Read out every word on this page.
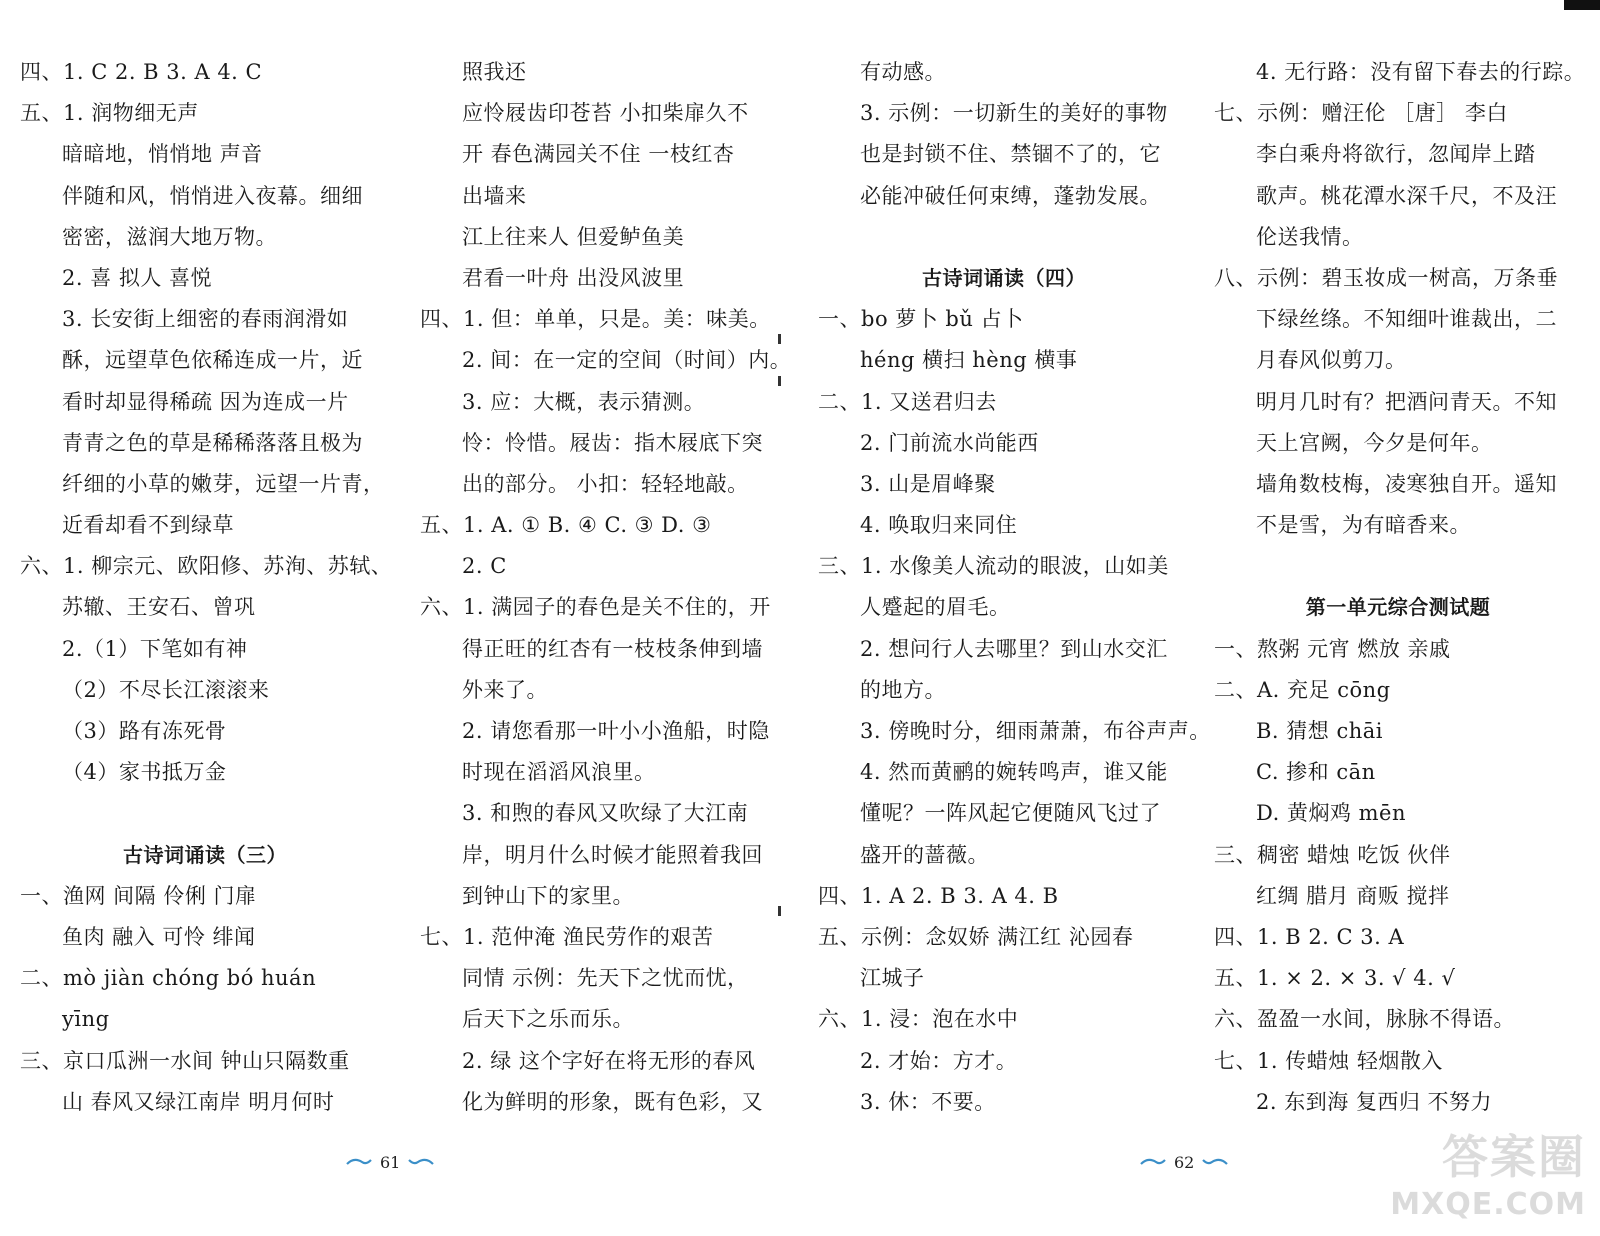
四、1. C 2. B 3. A 4. C
五、1. 润物细无声
暗暗地，悄悄地 声音
伴随和风，悄悄进入夜幕。细细
密密，滋润大地万物。
2. 喜 拟人 喜悦
3. 长安街上细密的春雨润滑如
酥，远望草色依稀连成一片，近
看时却显得稀疏 因为连成一片
青青之色的草是稀稀落落且极为
纤细的小草的嫩芽，远望一片青，
近看却看不到绿草
六、1. 柳宗元、欧阳修、苏洵、苏轼、
苏辙、王安石、曾巩
2.（1）下笔如有神
（2）不尽长江滚滚来
（3）路有冻死骨
（4）家书抵万金
古诗词诵读（三）
一、渔网 间隔 伶俐 门扉
鱼肉 融入 可怜 绯闻
二、mò jiàn chóng bó huán
yīng
三、京口瓜洲一水间 钟山只隔数重
山 春风又绿江南岸 明月何时
照我还
应怜屐齿印苍苔 小扣柴扉久不
开 春色满园关不住 一枝红杏
出墙来
江上往来人 但爱鲈鱼美
君看一叶舟 出没风波里
四、1. 但：单单，只是。美：味美。
2. 间：在一定的空间（时间）内。
3. 应：大概，表示猜测。
怜：怜惜。屐齿：指木屐底下突
出的部分。 小扣：轻轻地敲。
五、1. A. ① B. ④ C. ③ D. ③
2. C
六、1. 满园子的春色是关不住的，开
得正旺的红杏有一枝枝条伸到墙
外来了。
2. 请您看那一叶小小渔船，时隐
时现在滔滔风浪里。
3. 和煦的春风又吹绿了大江南
岸，明月什么时候才能照着我回
到钟山下的家里。
七、1. 范仲淹 渔民劳作的艰苦
同情 示例：先天下之忧而忧，
后天下之乐而乐。
2. 绿 这个字好在将无形的春风
化为鲜明的形象，既有色彩，又
有动感。
3. 示例：一切新生的美好的事物
也是封锁不住、禁锢不了的，它
必能冲破任何束缚，蓬勃发展。
古诗词诵读（四）
一、bo 萝卜 bǔ 占卜
héng 横扫 hèng 横事
二、1. 又送君归去
2. 门前流水尚能西
3. 山是眉峰聚
4. 唤取归来同住
三、1. 水像美人流动的眼波，山如美
人蹙起的眉毛。
2. 想问行人去哪里？到山水交汇
的地方。
3. 傍晚时分，细雨萧萧，布谷声声。
4. 然而黄鹂的婉转鸣声，谁又能
懂呢？一阵风起它便随风飞过了
盛开的蔷薇。
四、1. A 2. B 3. A 4. B
五、示例：念奴娇 满江红 沁园春
江城子
六、1. 浸：泡在水中
2. 才始：方才。
3. 休：不要。
4. 无行路：没有留下春去的行踪。
七、示例：赠汪伦 ［唐］ 李白
李白乘舟将欲行，忽闻岸上踏
歌声。桃花潭水深千尺，不及汪
伦送我情。
八、示例：碧玉妆成一树高，万条垂
下绿丝绦。不知细叶谁裁出，二
月春风似剪刀。
明月几时有？把酒问青天。不知
天上宫阙，今夕是何年。
墙角数枝梅，凌寒独自开。遥知
不是雪，为有暗香来。
第一单元综合测试题
一、熬粥 元宵 燃放 亲戚
二、A. 充足 cōng
B. 猜想 chāi
C. 掺和 cān
D. 黄焖鸡 mēn
三、稠密 蜡烛 吃饭 伙伴
红绸 腊月 商贩 搅拌
四、1. B 2. C 3. A
五、1. × 2. × 3. √ 4. √
六、盈盈一水间，脉脉不得语。
七、1. 传蜡烛 轻烟散入
2. 东到海 复西归 不努力
61	62	答案圈
MXQE.COM
